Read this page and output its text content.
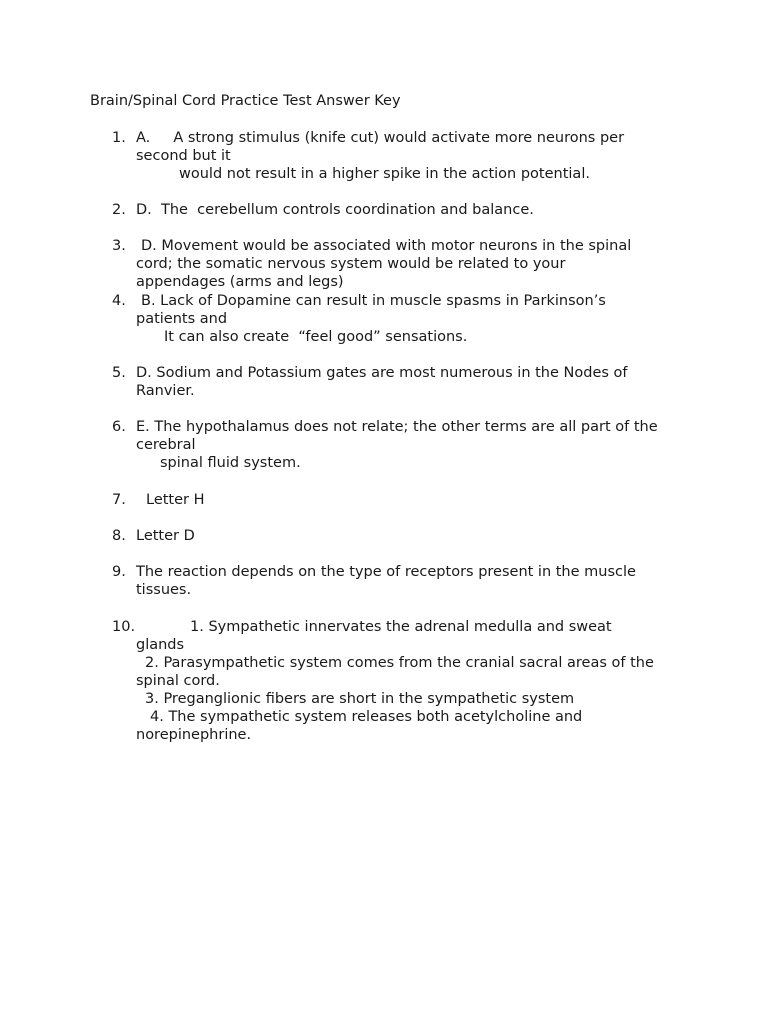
Brain/Spinal Cord Practice Test Answer Key
1. A.     A strong stimulus (knife cut) would activate more neurons per
second but it
would not result in a higher spike in the action potential.
2. D.  The  cerebellum controls coordination and balance.
3.	D. Movement would be associated with motor neurons in the spinal
cord; the somatic nervous system would be related to your
appendages (arms and legs)
4.	B. Lack of Dopamine can result in muscle spasms in Parkinson’s
patients and
It can also create  “feel good” sensations.
5. D. Sodium and Potassium gates are most numerous in the Nodes of
Ranvier.
6. E. The hypothalamus does not relate; the other terms are all part of the
cerebral
spinal fluid system.
7.	Letter H
8. Letter D
9. The reaction depends on the type of receptors present in the muscle
tissues.
10.	1. Sympathetic innervates the adrenal medulla and sweat
glands
2. Parasympathetic system comes from the cranial sacral areas of the
spinal cord.
3. Preganglionic fibers are short in the sympathetic system
4. The sympathetic system releases both acetylcholine and
norepinephrine.
